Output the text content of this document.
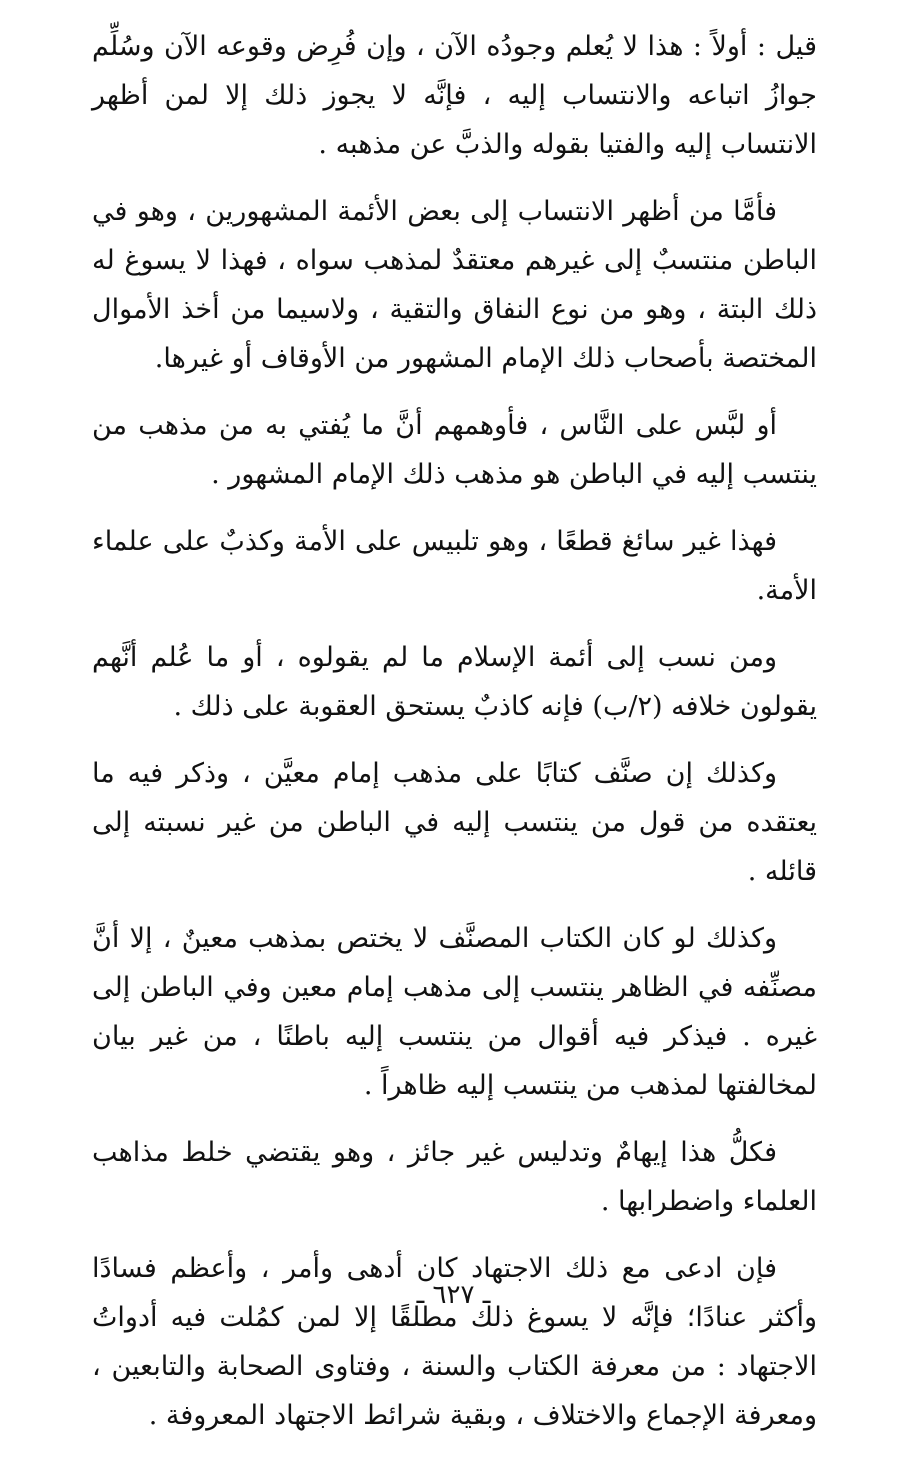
قيل : أولاً : هذا لا يُعلم وجودُه الآن ، وإن فُرِض وقوعه الآن وسُلِّم جوازُ اتباعه والانتساب إليه ، فإنَّه لا يجوز ذلك إلا لمن أظهر الانتساب إليه والفتيا بقوله والذبَّ عن مذهبه .

فأمَّا من أظهر الانتساب إلى بعض الأئمة المشهورين ، وهو في الباطن منتسبٌ إلى غيرهم معتقدٌ لمذهب سواه ، فهذا لا يسوغ له ذلك البتة ، وهو من نوع النفاق والتقية ، ولاسيما من أخذ الأموال المختصة بأصحاب ذلك الإمام المشهور من الأوقاف أو غيرها.

أو لبَّس على النَّاس ، فأوهمهم أنَّ ما يُفتي به من مذهب من ينتسب إليه في الباطن هو مذهب ذلك الإمام المشهور .

فهذا غير سائغ قطعًا ، وهو تلبيس على الأمة وكذبٌ على علماء الأمة.

ومن نسب إلى أئمة الإسلام ما لم يقولوه ، أو ما عُلم أنَّهم يقولون خلافه (٢/ب) فإنه كاذبٌ يستحق العقوبة على ذلك .

وكذلك إن صنَّف كتابًا على مذهب إمام معيَّن ، وذكر فيه ما يعتقده من قول من ينتسب إليه في الباطن من غير نسبته إلى قائله .

وكذلك لو كان الكتاب المصنَّف لا يختص بمذهب معينٌ ، إلا أنَّ مصنِّفه في الظاهر ينتسب إلى مذهب إمام معين وفي الباطن إلى غيره . فيذكر فيه أقوال من ينتسب إليه باطنًا ، من غير بيان لمخالفتها لمذهب من ينتسب إليه ظاهراً .

فكلُّ هذا إيهامٌ وتدليس غير جائز ، وهو يقتضي خلط مذاهب العلماء واضطرابها .

فإن ادعى مع ذلك الاجتهاد كان أدهى وأمر ، وأعظم فسادًا وأكثر عنادًا؛ فإنَّه لا يسوغ ذلك مطلقًا إلا لمن كمُلت فيه أدواتُ الاجتهاد : من معرفة الكتاب والسنة ، وفتاوى الصحابة والتابعين ، ومعرفة الإجماع والاختلاف ، وبقية شرائط الاجتهاد المعروفة .

ـ ٦٢٧ ـ
